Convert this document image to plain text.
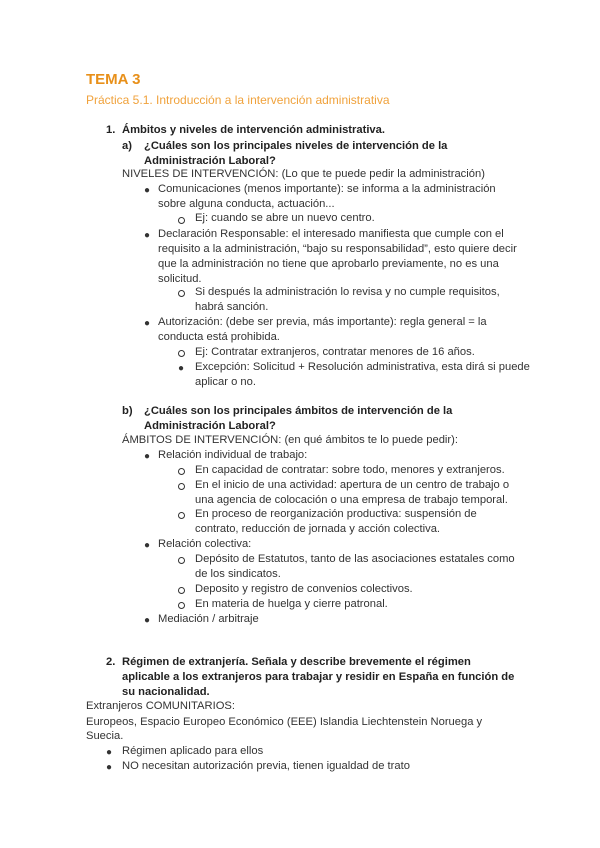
TEMA 3
Práctica 5.1. Introducción a la intervención administrativa
1. Ámbitos y niveles de intervención administrativa.
a) ¿Cuáles son los principales niveles de intervención de la
Administración Laboral?
NIVELES DE INTERVENCIÓN: (Lo que te puede pedir la administración)
● Comunicaciones (menos importante): se informa a la administración
sobre alguna conducta, actuación...
Ej: cuando se abre un nuevo centro.
● Declaración Responsable: el interesado manifiesta que cumple con el
requisito a la administración, “bajo su responsabilidad”, esto quiere decir
que la administración no tiene que aprobarlo previamente, no es una
solicitud.
Si después la administración lo revisa y no cumple requisitos,
habrá sanción.
● Autorización: (debe ser previa, más importante): regla general = la
conducta está prohibida.
Ej: Contratar extranjeros, contratar menores de 16 años.
● Excepción: Solicitud + Resolución administrativa, esta dirá si puede
aplicar o no.
b) ¿Cuáles son los principales ámbitos de intervención de la
Administración Laboral?
ÁMBITOS DE INTERVENCIÓN: (en qué ámbitos te lo puede pedir):
● Relación individual de trabajo:
En capacidad de contratar: sobre todo, menores y extranjeros.
En el inicio de una actividad: apertura de un centro de trabajo o
una agencia de colocación o una empresa de trabajo temporal.
En proceso de reorganización productiva: suspensión de
contrato, reducción de jornada y acción colectiva.
● Relación colectiva:
Depósito de Estatutos, tanto de las asociaciones estatales como
de los sindicatos.
Deposito y registro de convenios colectivos.
En materia de huelga y cierre patronal.
● Mediación / arbitraje
2. Régimen de extranjería. Señala y describe brevemente el régimen
aplicable a los extranjeros para trabajar y residir en España en función de
su nacionalidad.
Extranjeros COMUNITARIOS:
Europeos, Espacio Europeo Económico (EEE) Islandia Liechtenstein Noruega y
Suecia.
● Régimen aplicado para ellos
● NO necesitan autorización previa, tienen igualdad de trato
